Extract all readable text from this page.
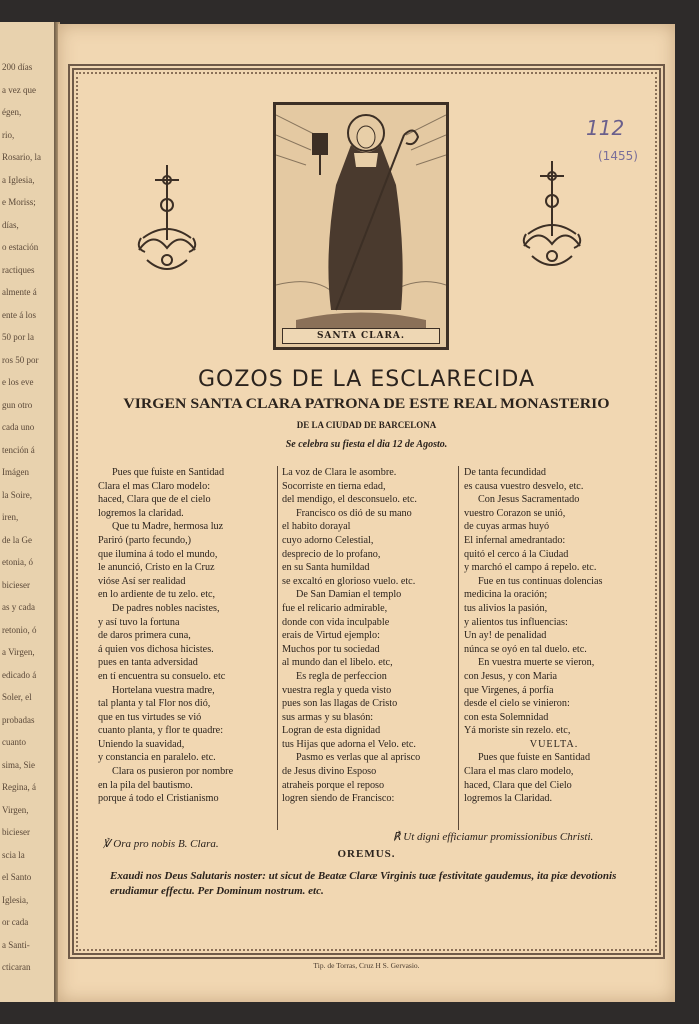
200 días
a vez que
égen,
rio,
Rosario, la
a Iglesia,
e Moriss;
días,
o estación
ractiques
almente á
ente á los
50 por la
ros 50 por
e los eve
gun otro
cada uno
tención á
Imágen
la Soire,
iren,
de la Ge
etonia, ó
bicieser
as y cada
retonio, ó
a Virgen,
edicado á
Soler, el
probadas
cuanto
sima, Sie
Regina, á
Virgen,
bicieser
scia la
el Santo
Iglesia,
or cada
a Santi-
cticaran
112
(1455)
SANTA CLARA.
GOZOS DE LA ESCLARECIDA
VIRGEN SANTA CLARA PATRONA DE ESTE REAL MONASTERIO
DE LA CIUDAD DE BARCELONA
Se celebra su fiesta el dia 12 de Agosto.
Pues que fuiste en Santidad
Clara el mas Claro modelo:
haced, Clara que de el cielo
logremos la claridad.
Que tu Madre, hermosa luz
Pariró (parto fecundo,)
que ilumina á todo el mundo,
le anunció, Cristo en la Cruz
vióse Así ser realidad
en lo ardiente de tu zelo. etc,
De padres nobles nacistes,
y así tuvo la fortuna
de daros primera cuna,
á quien vos dichosa hicistes.
pues en tanta adversidad
en tí encuentra su consuelo. etc
Hortelana vuestra madre,
tal planta y tal Flor nos dió,
que en tus virtudes se vió
cuanto planta, y flor te quadre:
Uniendo la suavidad,
y constancia en paralelo. etc.
Clara os pusieron por nombre
en la pila del bautismo.
porque á todo el Cristianismo
La voz de Clara le asombre.
Socorriste en tierna edad,
del mendigo, el desconsuelo. etc.
Francisco os dió de su mano
el habito dorayal
cuyo adorno Celestial,
desprecio de lo profano,
en su Santa humildad
se excaltó en glorioso vuelo. etc.
De San Damian el templo
fue el relicario admirable,
donde con vida inculpable
erais de Virtud ejemplo:
Muchos por tu sociedad
al mundo dan el libelo. etc,
Es regla de perfeccion
vuestra regla y queda visto
pues son las llagas de Cristo
sus armas y su blasón:
Logran de esta dignidad
tus Hijas que adorna el Velo. etc.
Pasmo es verlas que al aprisco
de Jesus divino Esposo
atraheis porque el reposo
logren siendo de Francisco:
De tanta fecundidad
es causa vuestro desvelo, etc.
Con Jesus Sacramentado
vuestro Corazon se unió,
de cuyas armas huyó
El infernal amedrantado:
quitó el cerco á la Ciudad
y marchó el campo á repelo. etc.
Fue en tus continuas dolencias
medicina la oración;
tus alivios la pasión,
y alientos tus influencias:
Un ay! de penalidad
núnca se oyó en tal duelo. etc.
En vuestra muerte se vieron,
con Jesus, y con Maria
que Virgenes, á porfía
desde el cielo se vinieron:
con esta Solemnidad
Yá moriste sin rezelo. etc,
VUELTA.
Pues que fuiste en Santidad
Clara el mas claro modelo,
haced, Clara que del Cielo
logremos la Claridad.
℣ Ora pro nobis B. Clara.
℟ Ut digni efficiamur promissionibus Christi.
OREMUS.
Exaudi nos Deus Salutaris noster: ut sicut de Beatæ Claræ Virginis tuæ festivitate gaudemus, ita piæ devotionis erudiamur effectu. Per Dominum nostrum. etc.
Tip. de Torras, Cruz H S. Gervasio.
